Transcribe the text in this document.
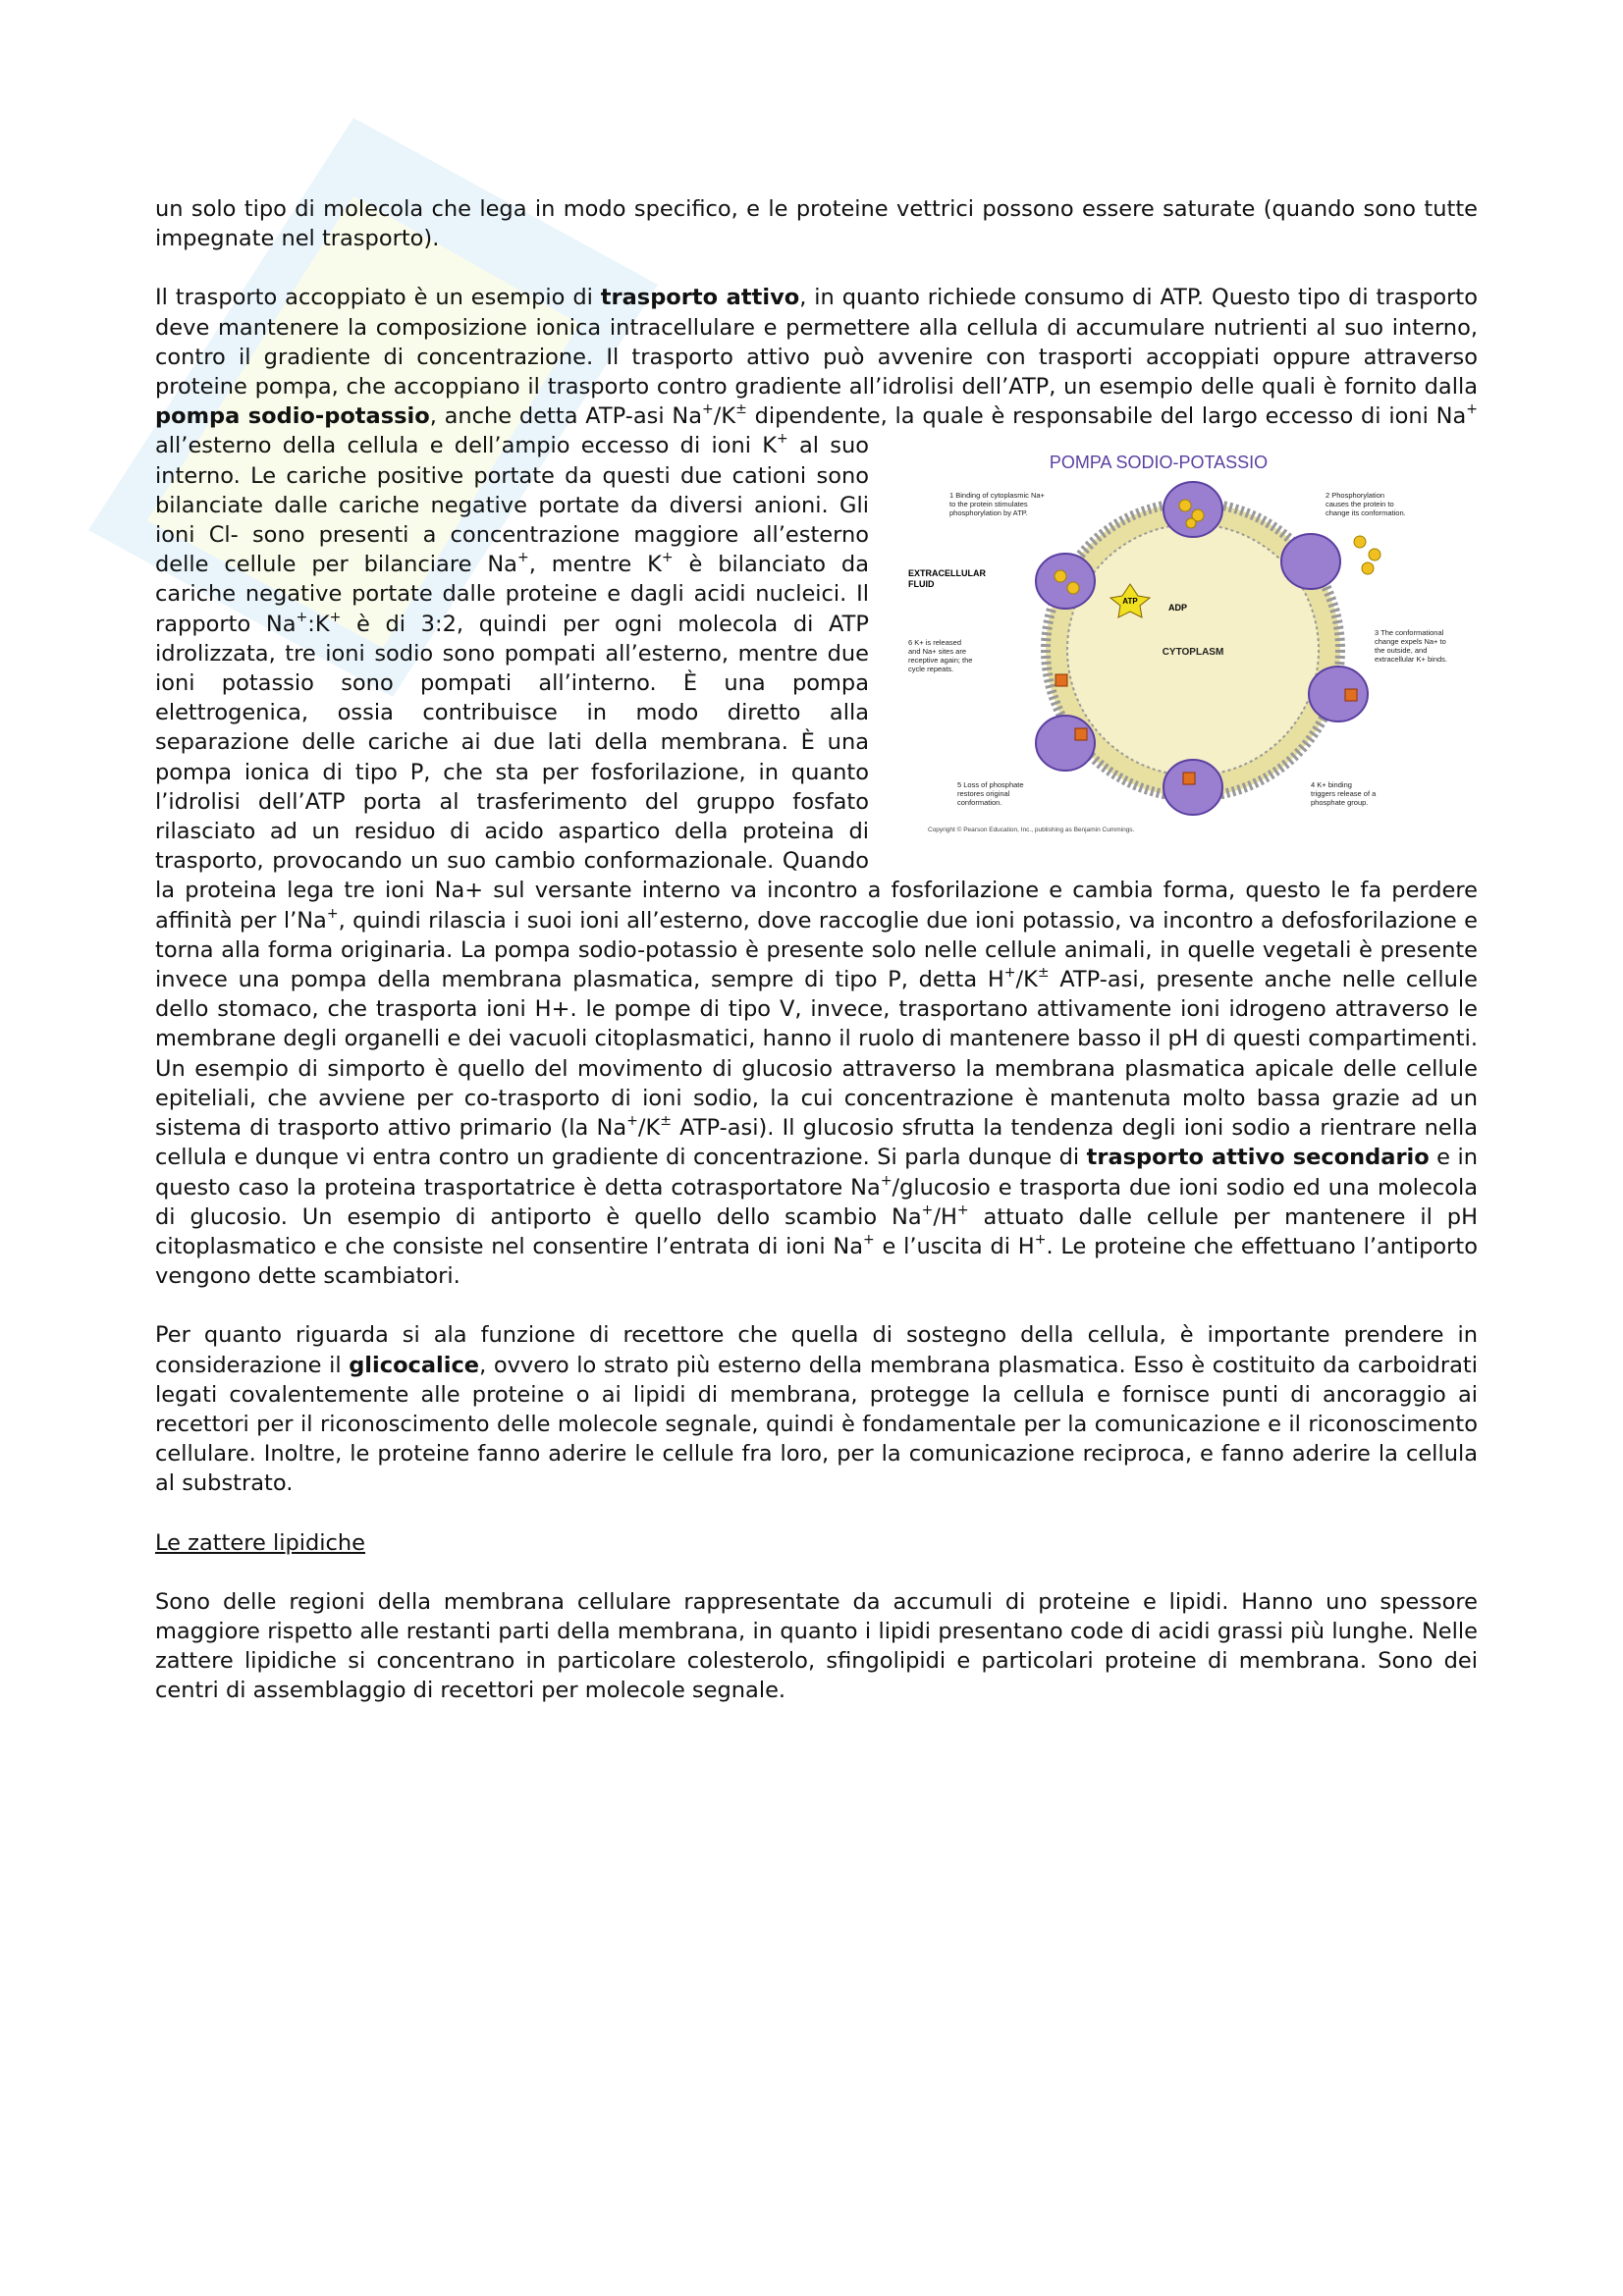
un solo tipo di molecola che lega in modo specifico, e le proteine vettrici possono essere saturate (quando sono tutte impegnate nel trasporto).

Il trasporto accoppiato è un esempio di trasporto attivo, in quanto richiede consumo di ATP. Questo tipo di trasporto deve mantenere la composizione ionica intracellulare e permettere alla cellula di accumulare nutrienti al suo interno, contro il gradiente di concentrazione. Il trasporto attivo può avvenire con trasporti accoppiati oppure attraverso proteine pompa, che accoppiano il trasporto contro gradiente all’idrolisi dell’ATP, un esempio delle quali è fornito dalla pompa sodio-potassio, anche detta ATP-asi Na+/K± dipendente, la quale è responsabile del largo eccesso di ioni Na+
POMPA SODIO-POTASSIO
CYTOPLASM
ATP
ADP
EXTRACELLULAR FLUID
1 Binding of cytoplasmic Na+ to the protein stimulates phosphorylation by ATP.
2 Phosphorylation causes the protein to change its conformation.
3 The conformational change expels Na+ to the outside, and extracellular K+ binds.
4 K+ binding triggers release of a phosphate group.
5 Loss of phosphate restores original conformation.
6 K+ is released and Na+ sites are receptive again; the cycle repeats.
Copyright © Pearson Education, Inc., publishing as Benjamin Cummings.
all’esterno della cellula e dell’ampio eccesso di ioni K+ al suo interno. Le cariche positive portate da questi due cationi sono bilanciate dalle cariche negative portate da diversi anioni. Gli ioni Cl- sono presenti a concentrazione maggiore all’esterno delle cellule per bilanciare Na+, mentre K+ è bilanciato da cariche negative portate dalle proteine e dagli acidi nucleici. Il rapporto Na+:K+ è di 3:2, quindi per ogni molecola di ATP idrolizzata, tre ioni sodio sono pompati all’esterno, mentre due ioni potassio sono pompati all’interno. È una pompa elettrogenica, ossia contribuisce in modo diretto alla separazione delle cariche ai due lati della membrana. È una pompa ionica di tipo P, che sta per fosforilazione, in quanto l’idrolisi dell’ATP porta al trasferimento del gruppo fosfato rilasciato ad un residuo di acido aspartico della proteina di trasporto, provocando un suo cambio conformazionale. Quando la proteina lega tre ioni Na+ sul versante interno va incontro a fosforilazione e cambia forma, questo le fa perdere affinità per l’Na+, quindi rilascia i suoi ioni all’esterno, dove raccoglie due ioni potassio, va incontro a defosforilazione e torna alla forma originaria. La pompa sodio-potassio è presente solo nelle cellule animali, in quelle vegetali è presente invece una pompa della membrana plasmatica, sempre di tipo P, detta H+/K± ATP-asi, presente anche nelle cellule dello stomaco, che trasporta ioni H+. le pompe di tipo V, invece, trasportano attivamente ioni idrogeno attraverso le membrane degli organelli e dei vacuoli citoplasmatici, hanno il ruolo di mantenere basso il pH di questi compartimenti. Un esempio di simporto è quello del movimento di glucosio attraverso la membrana plasmatica apicale delle cellule epiteliali, che avviene per co-trasporto di ioni sodio, la cui concentrazione è mantenuta molto bassa grazie ad un sistema di trasporto attivo primario (la Na+/K± ATP-asi). Il glucosio sfrutta la tendenza degli ioni sodio a rientrare nella cellula e dunque vi entra contro un gradiente di concentrazione. Si parla dunque di trasporto attivo secondario e in questo caso la proteina trasportatrice è detta cotrasportatore Na+/glucosio e trasporta due ioni sodio ed una molecola di glucosio. Un esempio di antiporto è quello dello scambio Na+/H+ attuato dalle cellule per mantenere il pH citoplasmatico e che consiste nel consentire l’entrata di ioni Na+ e l’uscita di H+. Le proteine che effettuano l’antiporto vengono dette scambiatori.

Per quanto riguarda si ala funzione di recettore che quella di sostegno della cellula, è importante prendere in considerazione il glicocalice, ovvero lo strato più esterno della membrana plasmatica. Esso è costituito da carboidrati legati covalentemente alle proteine o ai lipidi di membrana, protegge la cellula e fornisce punti di ancoraggio ai recettori per il riconoscimento delle molecole segnale, quindi è fondamentale per la comunicazione e il riconoscimento cellulare. Inoltre, le proteine fanno aderire le cellule fra loro, per la comunicazione reciproca, e fanno aderire la cellula al substrato.

Le zattere lipidiche

Sono delle regioni della membrana cellulare rappresentate da accumuli di proteine e lipidi. Hanno uno spessore maggiore rispetto alle restanti parti della membrana, in quanto i lipidi presentano code di acidi grassi più lunghe. Nelle zattere lipidiche si concentrano in particolare colesterolo, sfingolipidi e particolari proteine di membrana. Sono dei centri di assemblaggio di recettori per molecole segnale.
